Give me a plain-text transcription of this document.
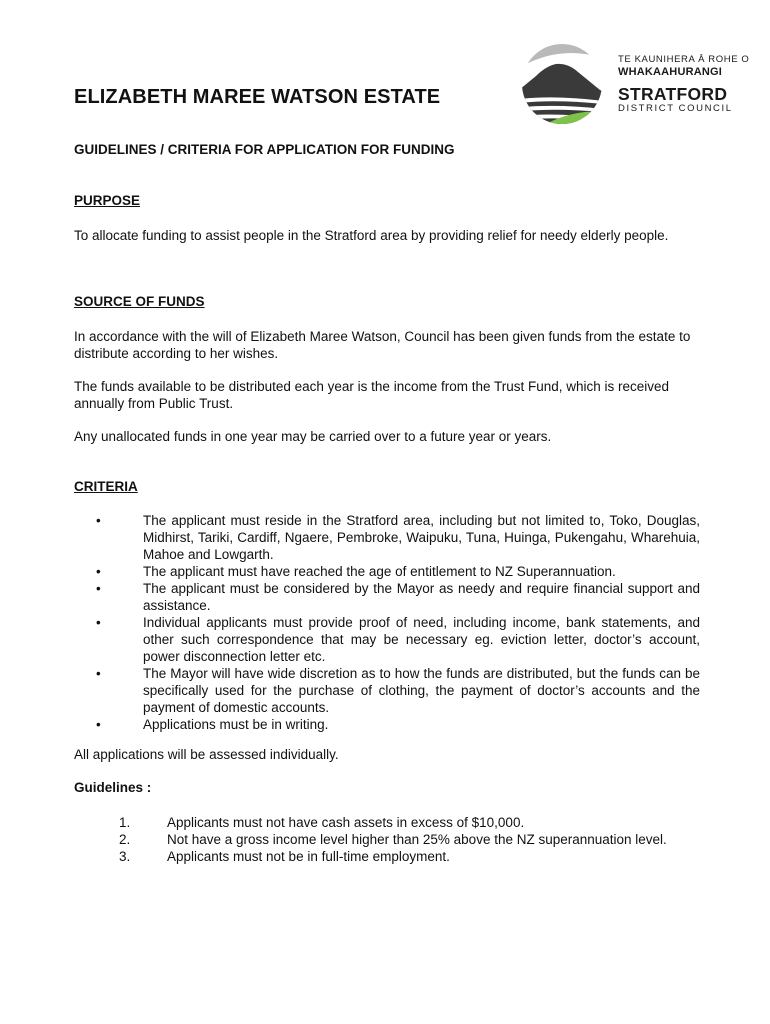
TE KAUNIHERA Ā ROHE O
WHAKAAHURANGI
STRATFORD
DISTRICT COUNCIL
ELIZABETH MAREE WATSON ESTATE
GUIDELINES / CRITERIA FOR APPLICATION FOR FUNDING
PURPOSE
To allocate funding to assist people in the Stratford area by providing relief for needy elderly people.
SOURCE OF FUNDS
In accordance with the will of Elizabeth Maree Watson, Council has been given funds from the estate to distribute according to her wishes.
The funds available to be distributed each year is the income from the Trust Fund, which is received annually from Public Trust.
Any unallocated funds in one year may be carried over to a future year or years.
CRITERIA
•	The applicant must reside in the Stratford area, including but not limited to, Toko, Douglas, Midhirst, Tariki, Cardiff, Ngaere, Pembroke, Waipuku, Tuna, Huinga, Pukengahu, Wharehuia, Mahoe and Lowgarth.
•	The applicant must have reached the age of entitlement to NZ Superannuation.
•	The applicant must be considered by the Mayor as needy and require financial support and assistance.
•	Individual applicants must provide proof of need, including income, bank statements, and other such correspondence that may be necessary eg. eviction letter, doctor’s account, power disconnection letter etc.
•	The Mayor will have wide discretion as to how the funds are distributed, but the funds can be specifically used for the purchase of clothing, the payment of doctor’s accounts and the payment of domestic accounts.
•	Applications must be in writing.
All applications will be assessed individually.
Guidelines :
1.	Applicants must not have cash assets in excess of $10,000.
2.	Not have a gross income level higher than 25% above the NZ superannuation level.
3.	Applicants must not be in full-time employment.
